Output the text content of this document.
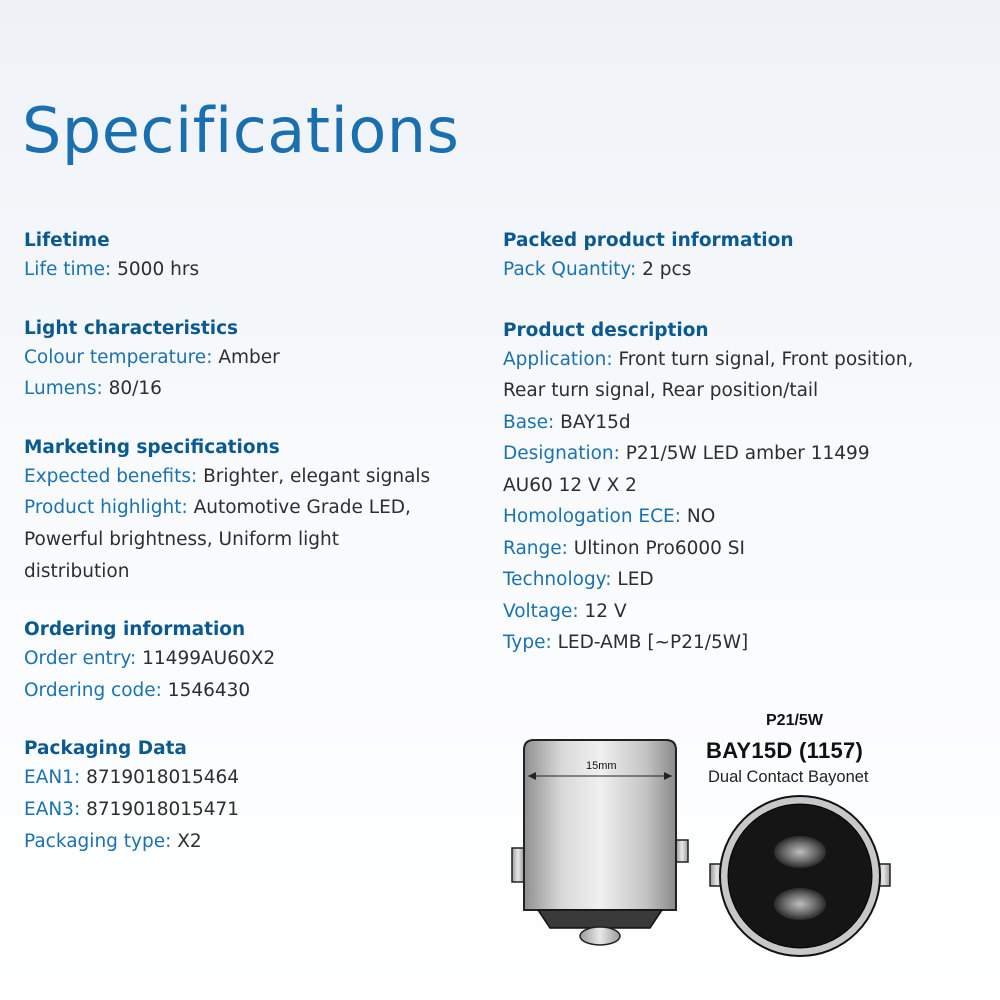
Specifications

Lifetime

Life time: 5000 hrs

Light characteristics

Colour temperature: Amber

Lumens: 80/16

Marketing specifications

Expected benefits: Brighter, elegant signals

Product highlight: Automotive Grade LED,

Powerful brightness, Uniform light

distribution

Ordering information

Order entry: 11499AU60X2

Ordering code: 1546430

Packaging Data

EAN1: 8719018015464

EAN3: 8719018015471

Packaging type: X2

Packed product information

Pack Quantity: 2 pcs

Product description

Application: Front turn signal, Front position,

Rear turn signal, Rear position/tail

Base: BAY15d

Designation: P21/5W LED amber 11499

AU60 12 V X 2

Homologation ECE: NO

Range: Ultinon Pro6000 SI

Technology: LED

Voltage: 12 V

Type: LED-AMB [~P21/5W]

15mm
P21/5W
BAY15D (1157)
Dual Contact Bayonet
